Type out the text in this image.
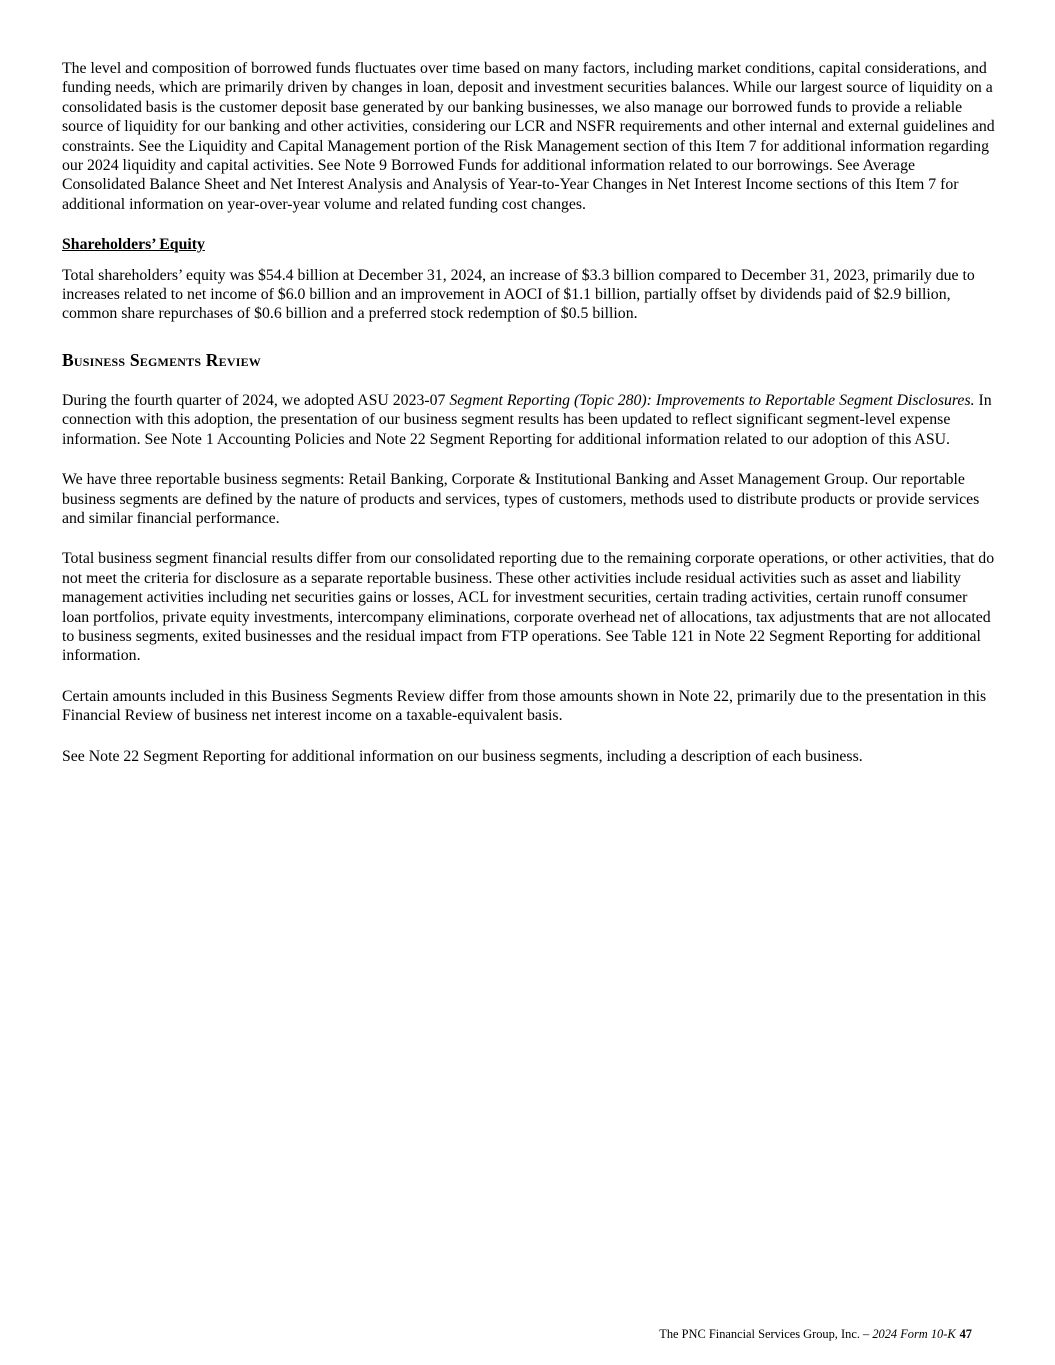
The level and composition of borrowed funds fluctuates over time based on many factors, including market conditions, capital considerations, and funding needs, which are primarily driven by changes in loan, deposit and investment securities balances. While our largest source of liquidity on a consolidated basis is the customer deposit base generated by our banking businesses, we also manage our borrowed funds to provide a reliable source of liquidity for our banking and other activities, considering our LCR and NSFR requirements and other internal and external guidelines and constraints. See the Liquidity and Capital Management portion of the Risk Management section of this Item 7 for additional information regarding our 2024 liquidity and capital activities. See Note 9 Borrowed Funds for additional information related to our borrowings. See Average Consolidated Balance Sheet and Net Interest Analysis and Analysis of Year-to-Year Changes in Net Interest Income sections of this Item 7 for additional information on year-over-year volume and related funding cost changes.

Shareholders’ Equity

Total shareholders’ equity was $54.4 billion at December 31, 2024, an increase of $3.3 billion compared to December 31, 2023, primarily due to increases related to net income of $6.0 billion and an improvement in AOCI of $1.1 billion, partially offset by dividends paid of $2.9 billion, common share repurchases of $0.6 billion and a preferred stock redemption of $0.5 billion.

Business Segments Review

During the fourth quarter of 2024, we adopted ASU 2023-07 Segment Reporting (Topic 280): Improvements to Reportable Segment Disclosures. In connection with this adoption, the presentation of our business segment results has been updated to reflect significant segment-level expense information. See Note 1 Accounting Policies and Note 22 Segment Reporting for additional information related to our adoption of this ASU.

We have three reportable business segments: Retail Banking, Corporate & Institutional Banking and Asset Management Group. Our reportable business segments are defined by the nature of products and services, types of customers, methods used to distribute products or provide services and similar financial performance.

Total business segment financial results differ from our consolidated reporting due to the remaining corporate operations, or other activities, that do not meet the criteria for disclosure as a separate reportable business. These other activities include residual activities such as asset and liability management activities including net securities gains or losses, ACL for investment securities, certain trading activities, certain runoff consumer loan portfolios, private equity investments, intercompany eliminations, corporate overhead net of allocations, tax adjustments that are not allocated to business segments, exited businesses and the residual impact from FTP operations. See Table 121 in Note 22 Segment Reporting for additional information.

Certain amounts included in this Business Segments Review differ from those amounts shown in Note 22, primarily due to the presentation in this Financial Review of business net interest income on a taxable-equivalent basis.

See Note 22 Segment Reporting for additional information on our business segments, including a description of each business.

The PNC Financial Services Group, Inc. – 2024 Form 10-K 47
